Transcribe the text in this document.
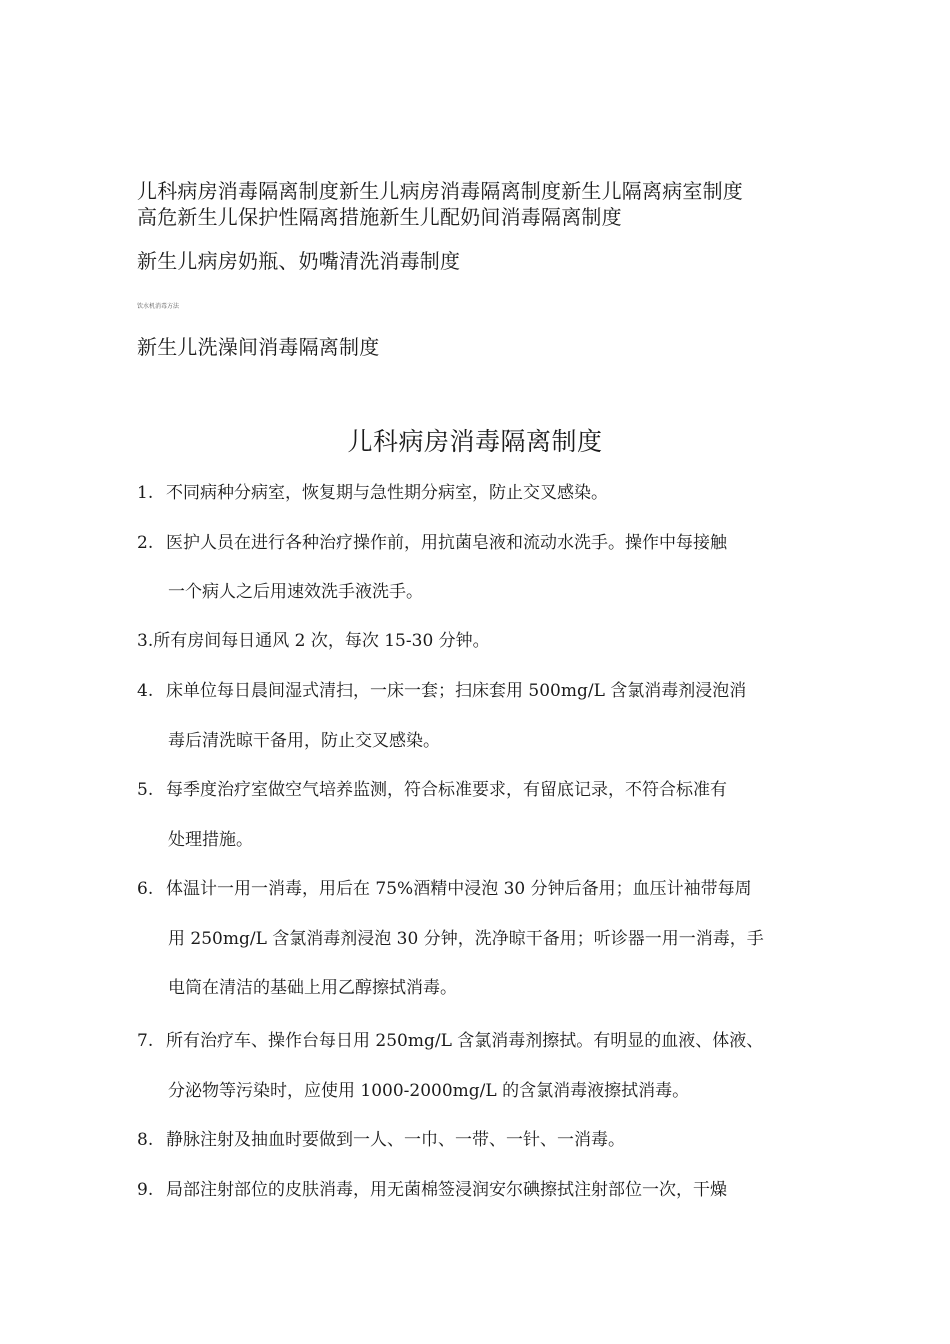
儿科病房消毒隔离制度新生儿病房消毒隔离制度新生儿隔离病室制度
高危新生儿保护性隔离措施新生儿配奶间消毒隔离制度
新生儿病房奶瓶、奶嘴清洗消毒制度
饮水机消毒方法
新生儿洗澡间消毒隔离制度
儿科病房消毒隔离制度
1. 不同病种分病室，恢复期与急性期分病室，防止交叉感染。
2. 医护人员在进行各种治疗操作前，用抗菌皂液和流动水洗手。操作中每接触
一个病人之后用速效洗手液洗手。
3.所有房间每日通风 2 次，每次 15-30 分钟。
4. 床单位每日晨间湿式清扫，一床一套；扫床套用 500mg/L 含氯消毒剂浸泡消
毒后清洗晾干备用，防止交叉感染。
5. 每季度治疗室做空气培养监测，符合标准要求，有留底记录，不符合标准有
处理措施。
6. 体温计一用一消毒，用后在 75%酒精中浸泡 30 分钟后备用；血压计袖带每周
用 250mg/L 含氯消毒剂浸泡 30 分钟，洗净晾干备用；听诊器一用一消毒，手
电筒在清洁的基础上用乙醇擦拭消毒。
7. 所有治疗车、操作台每日用 250mg/L 含氯消毒剂擦拭。有明显的血液、体液、
分泌物等污染时，应使用 1000-2000mg/L 的含氯消毒液擦拭消毒。
8. 静脉注射及抽血时要做到一人、一巾、一带、一针、一消毒。
9. 局部注射部位的皮肤消毒，用无菌棉签浸润安尔碘擦拭注射部位一次，干燥
